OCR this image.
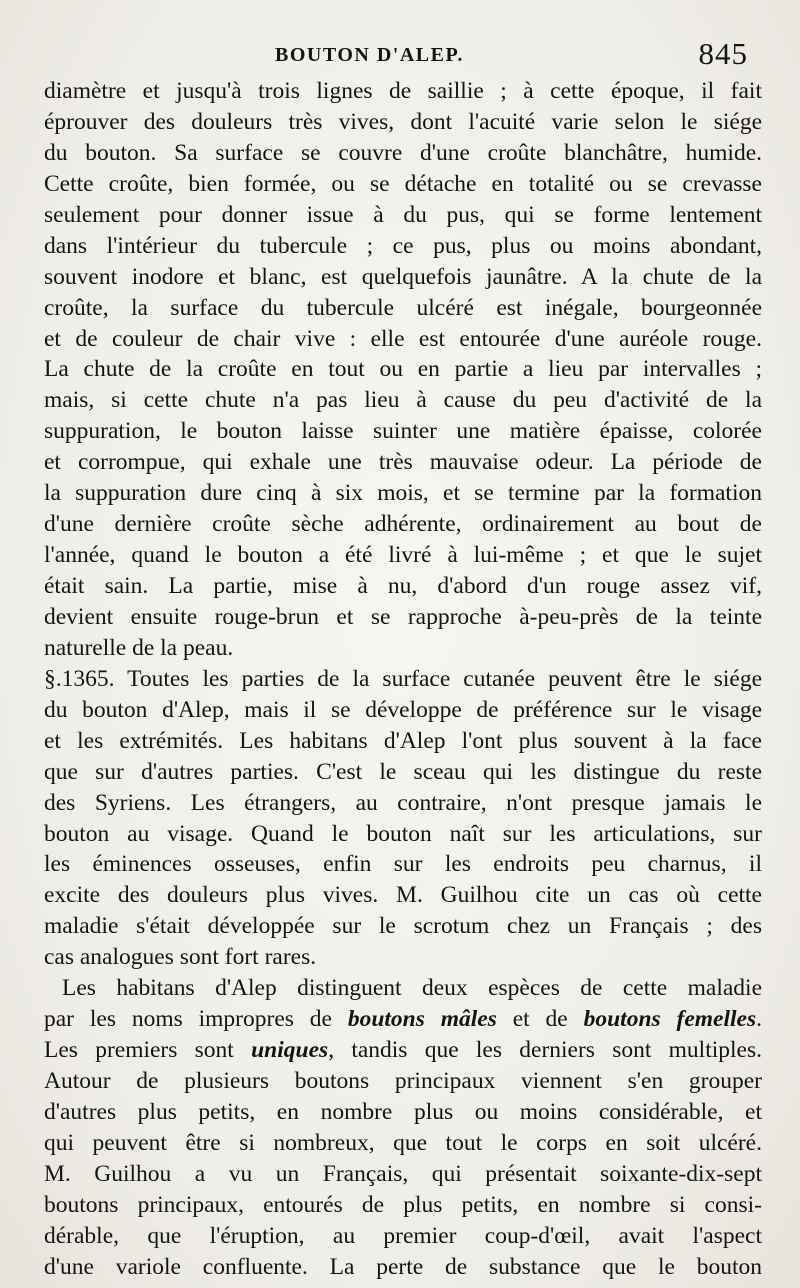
BOUTON D'ALEP.	845
diamètre et jusqu'à trois lignes de saillie ; à cette époque, il fait
éprouver des douleurs très vives, dont l'acuité varie selon le siége
du bouton. Sa surface se couvre d'une croûte blanchâtre, humide.
Cette croûte, bien formée, ou se détache en totalité ou se crevasse
seulement pour donner issue à du pus, qui se forme lentement
dans l'intérieur du tubercule ; ce pus, plus ou moins abondant,
souvent inodore et blanc, est quelquefois jaunâtre. A la chute de la
croûte, la surface du tubercule ulcéré est inégale, bourgeonnée
et de couleur de chair vive : elle est entourée d'une auréole rouge.
La chute de la croûte en tout ou en partie a lieu par intervalles ;
mais, si cette chute n'a pas lieu à cause du peu d'activité de la
suppuration, le bouton laisse suinter une matière épaisse, colorée
et corrompue, qui exhale une très mauvaise odeur. La période de
la suppuration dure cinq à six mois, et se termine par la formation
d'une dernière croûte sèche adhérente, ordinairement au bout de
l'année, quand le bouton a été livré à lui-même ; et que le sujet
était sain. La partie, mise à nu, d'abord d'un rouge assez vif,
devient ensuite rouge-brun et se rapproche à-peu-près de la teinte
naturelle de la peau.
§.1365. Toutes les parties de la surface cutanée peuvent être le siége
du bouton d'Alep, mais il se développe de préférence sur le visage
et les extrémités. Les habitans d'Alep l'ont plus souvent à la face
que sur d'autres parties. C'est le sceau qui les distingue du reste
des Syriens. Les étrangers, au contraire, n'ont presque jamais le
bouton au visage. Quand le bouton naît sur les articulations, sur
les éminences osseuses, enfin sur les endroits peu charnus, il
excite des douleurs plus vives. M. Guilhou cite un cas où cette
maladie s'était développée sur le scrotum chez un Français ; des
cas analogues sont fort rares.
Les habitans d'Alep distinguent deux espèces de cette maladie
par les noms impropres de boutons mâles et de boutons femelles.
Les premiers sont uniques, tandis que les derniers sont multiples.
Autour de plusieurs boutons principaux viennent s'en grouper
d'autres plus petits, en nombre plus ou moins considérable, et
qui peuvent être si nombreux, que tout le corps en soit ulcéré.
M. Guilhou a vu un Français, qui présentait soixante-dix-sept
boutons principaux, entourés de plus petits, en nombre si consi-
dérable, que l'éruption, au premier coup-d'œil, avait l'aspect
d'une variole confluente. La perte de substance que le bouton
